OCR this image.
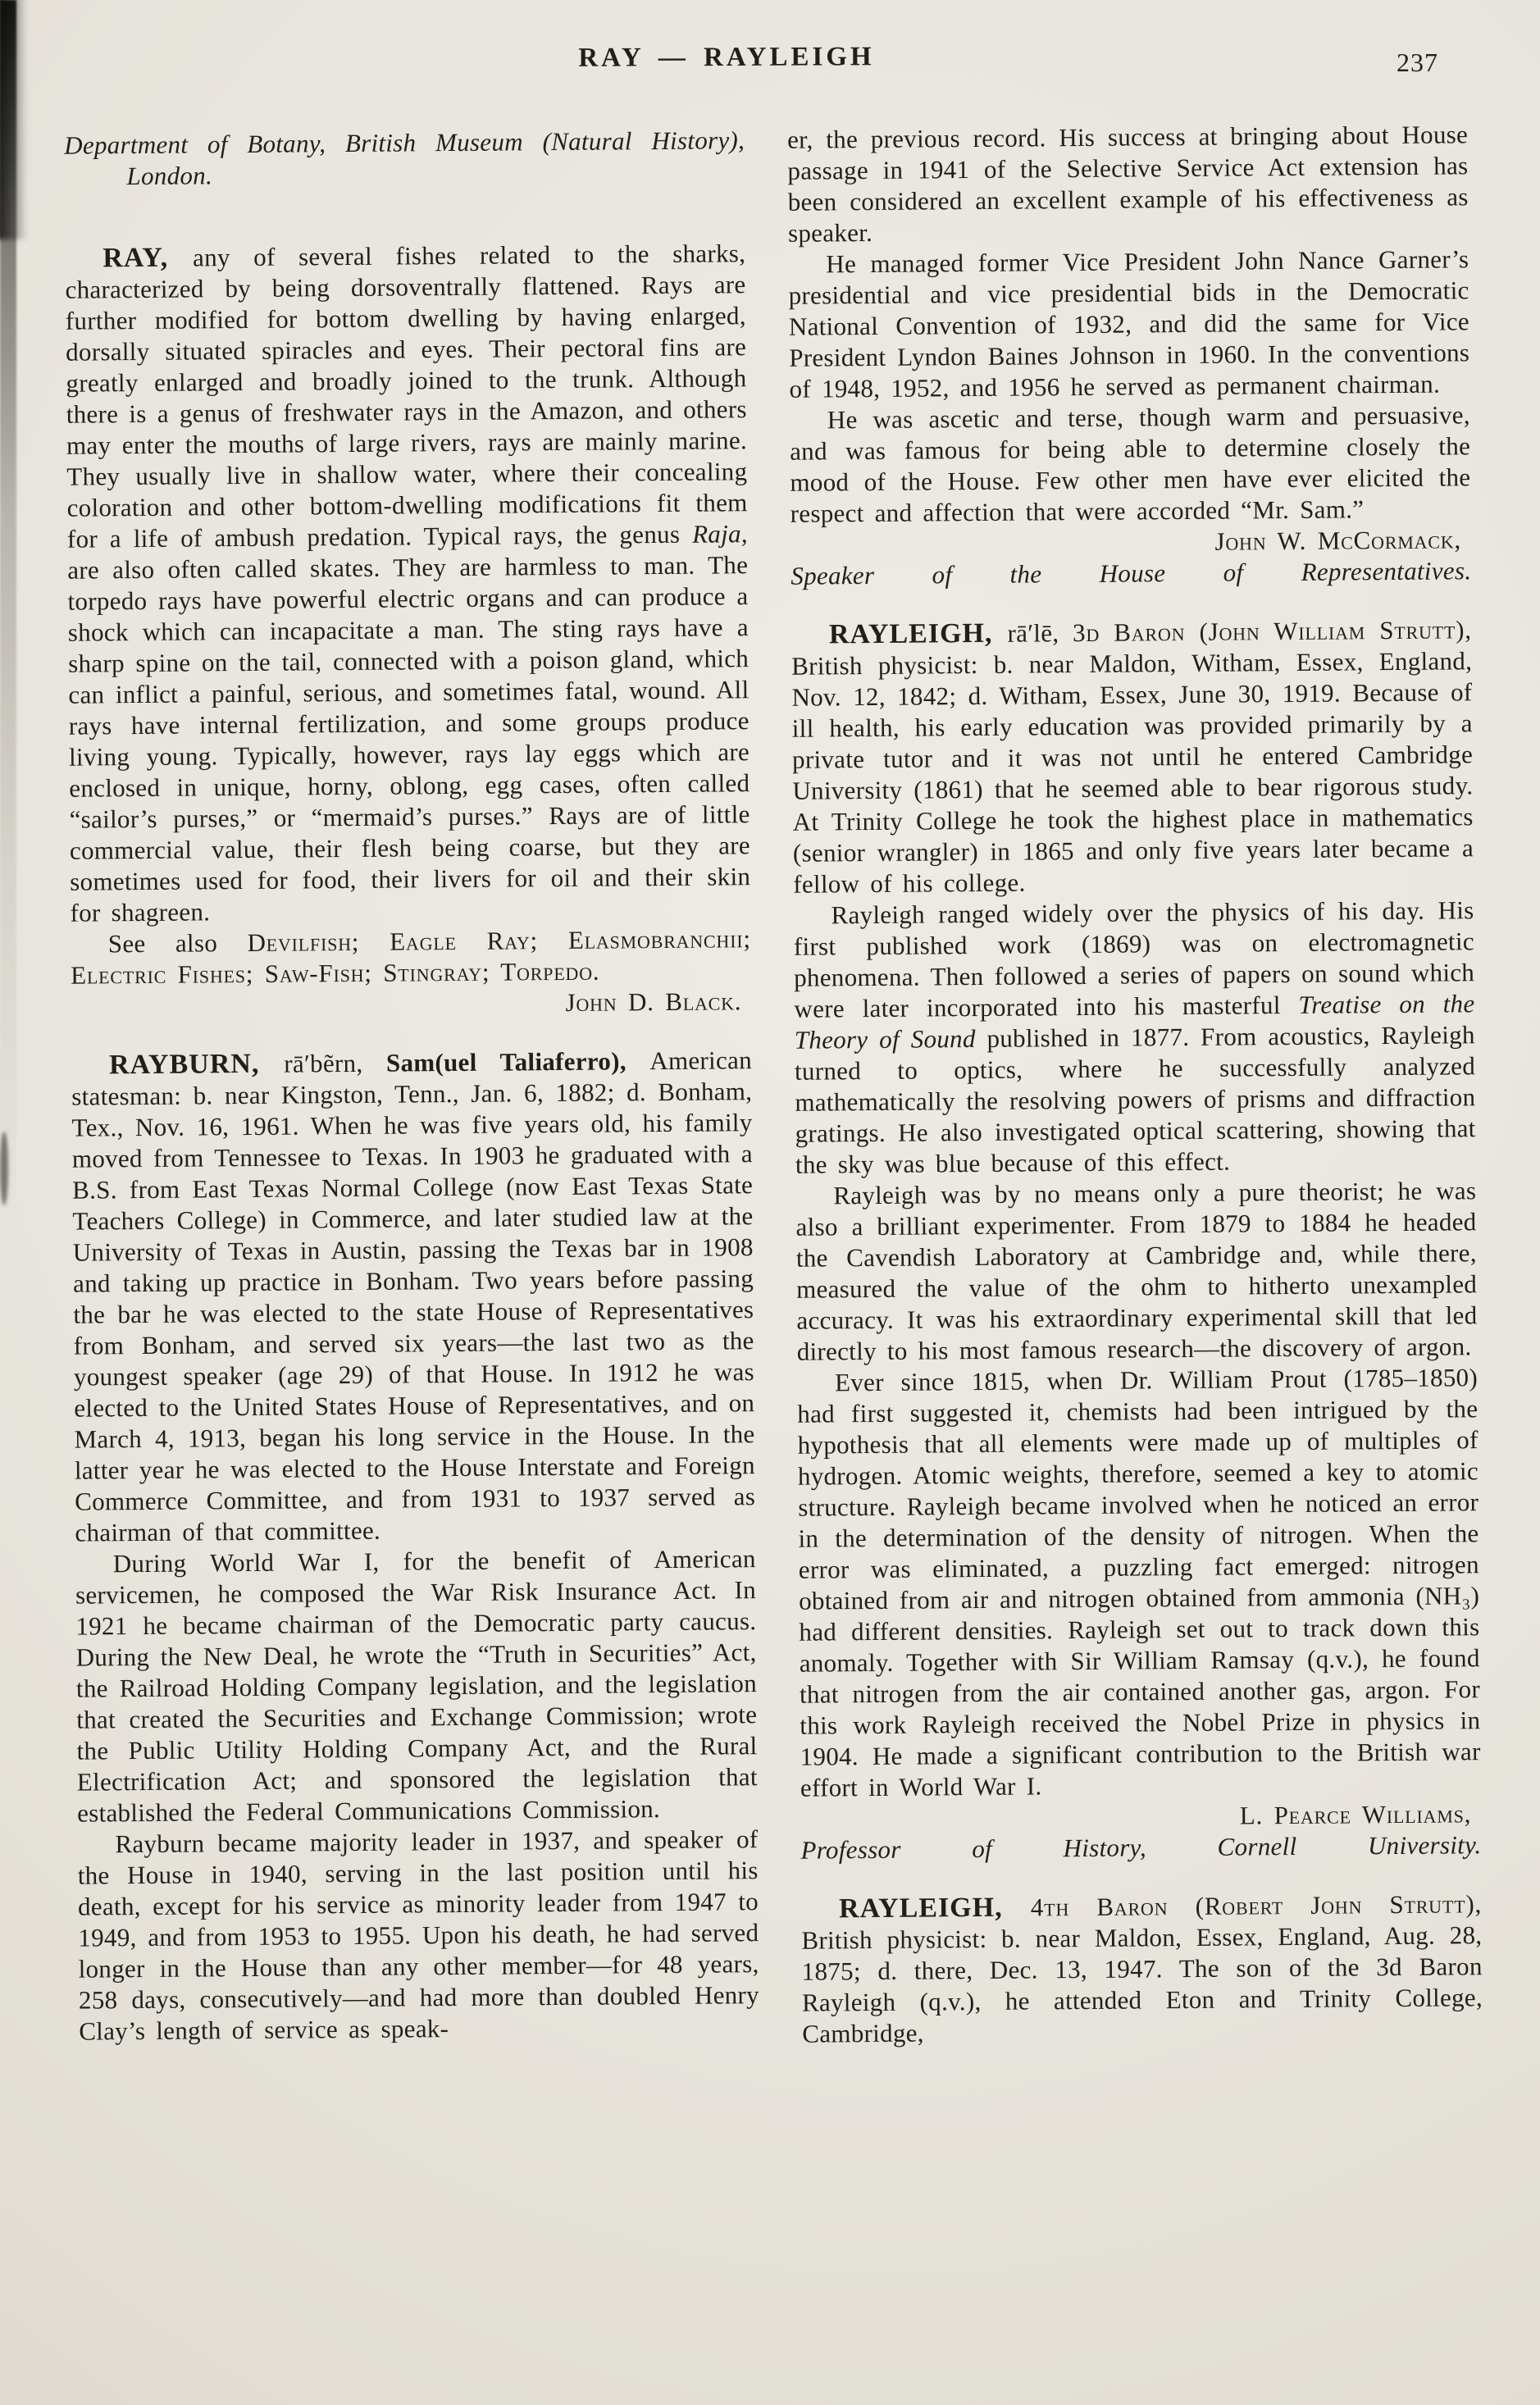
RAY — RAYLEIGH	237

Department of Botany, British Museum (Natural History), London.

RAY, any of several fishes related to the sharks, characterized by being dorsoventrally flattened. Rays are further modified for bottom dwelling by having enlarged, dorsally situated spiracles and eyes. Their pectoral fins are greatly enlarged and broadly joined to the trunk. Although there is a genus of freshwater rays in the Amazon, and others may enter the mouths of large rivers, rays are mainly marine. They usually live in shallow water, where their concealing coloration and other bottom-dwelling modifications fit them for a life of ambush predation. Typical rays, the genus Raja, are also often called skates. They are harmless to man. The torpedo rays have powerful electric organs and can produce a shock which can incapacitate a man. The sting rays have a sharp spine on the tail, connected with a poison gland, which can inflict a painful, serious, and sometimes fatal, wound. All rays have internal fertilization, and some groups produce living young. Typically, however, rays lay eggs which are enclosed in unique, horny, oblong, egg cases, often called “sailor’s purses,” or “mermaid’s purses.” Rays are of little commercial value, their flesh being coarse, but they are sometimes used for food, their livers for oil and their skin for shagreen.

See also Devilfish; Eagle Ray; Elasmobranchii; Electric Fishes; Saw-Fish; Stingray; Torpedo.

John D. Black.

RAYBURN, rā′bẽrn, Sam(uel Taliaferro), American statesman: b. near Kingston, Tenn., Jan. 6, 1882; d. Bonham, Tex., Nov. 16, 1961. When he was five years old, his family moved from Tennessee to Texas. In 1903 he graduated with a B.S. from East Texas Normal College (now East Texas State Teachers College) in Commerce, and later studied law at the University of Texas in Austin, passing the Texas bar in 1908 and taking up practice in Bonham. Two years before passing the bar he was elected to the state House of Representatives from Bonham, and served six years—the last two as the youngest speaker (age 29) of that House. In 1912 he was elected to the United States House of Representatives, and on March 4, 1913, began his long service in the House. In the latter year he was elected to the House Interstate and Foreign Commerce Committee, and from 1931 to 1937 served as chairman of that committee.

During World War I, for the benefit of American servicemen, he composed the War Risk Insurance Act. In 1921 he became chairman of the Democratic party caucus. During the New Deal, he wrote the “Truth in Securities” Act, the Railroad Holding Company legislation, and the legislation that created the Securities and Exchange Commission; wrote the Public Utility Holding Company Act, and the Rural Electrification Act; and sponsored the legislation that established the Federal Communications Commission.

Rayburn became majority leader in 1937, and speaker of the House in 1940, serving in the last position until his death, except for his service as minority leader from 1947 to 1949, and from 1953 to 1955. Upon his death, he had served longer in the House than any other member—for 48 years, 258 days, consecutively—and had more than doubled Henry Clay’s length of service as speak-

er, the previous record. His success at bringing about House passage in 1941 of the Selective Service Act extension has been considered an excellent example of his effectiveness as speaker.

He managed former Vice President John Nance Garner’s presidential and vice presidential bids in the Democratic National Convention of 1932, and did the same for Vice President Lyndon Baines Johnson in 1960. In the conventions of 1948, 1952, and 1956 he served as permanent chairman.

He was ascetic and terse, though warm and persuasive, and was famous for being able to determine closely the mood of the House. Few other men have ever elicited the respect and affection that were accorded “Mr. Sam.”

John W. McCormack,

Speaker of the House of Representatives.

RAYLEIGH, rā′lē, 3d Baron (John William Strutt), British physicist: b. near Maldon, Witham, Essex, England, Nov. 12, 1842; d. Witham, Essex, June 30, 1919. Because of ill health, his early education was provided primarily by a private tutor and it was not until he entered Cambridge University (1861) that he seemed able to bear rigorous study. At Trinity College he took the highest place in mathematics (senior wrangler) in 1865 and only five years later became a fellow of his college.

Rayleigh ranged widely over the physics of his day. His first published work (1869) was on electromagnetic phenomena. Then followed a series of papers on sound which were later incorporated into his masterful Treatise on the Theory of Sound published in 1877. From acoustics, Rayleigh turned to optics, where he successfully analyzed mathematically the resolving powers of prisms and diffraction gratings. He also investigated optical scattering, showing that the sky was blue because of this effect.

Rayleigh was by no means only a pure theorist; he was also a brilliant experimenter. From 1879 to 1884 he headed the Cavendish Laboratory at Cambridge and, while there, measured the value of the ohm to hitherto unexampled accuracy. It was his extraordinary experimental skill that led directly to his most famous research—the discovery of argon.

Ever since 1815, when Dr. William Prout (1785–1850) had first suggested it, chemists had been intrigued by the hypothesis that all elements were made up of multiples of hydrogen. Atomic weights, therefore, seemed a key to atomic structure. Rayleigh became involved when he noticed an error in the determination of the density of nitrogen. When the error was eliminated, a puzzling fact emerged: nitrogen obtained from air and nitrogen obtained from ammonia (NH₃) had different densities. Rayleigh set out to track down this anomaly. Together with Sir William Ramsay (q.v.), he found that nitrogen from the air contained another gas, argon. For this work Rayleigh received the Nobel Prize in physics in 1904. He made a significant contribution to the British war effort in World War I.

L. Pearce Williams,

Professor of History, Cornell University.

RAYLEIGH, 4th Baron (Robert John Strutt), British physicist: b. near Maldon, Essex, England, Aug. 28, 1875; d. there, Dec. 13, 1947. The son of the 3d Baron Rayleigh (q.v.), he attended Eton and Trinity College, Cambridge,
